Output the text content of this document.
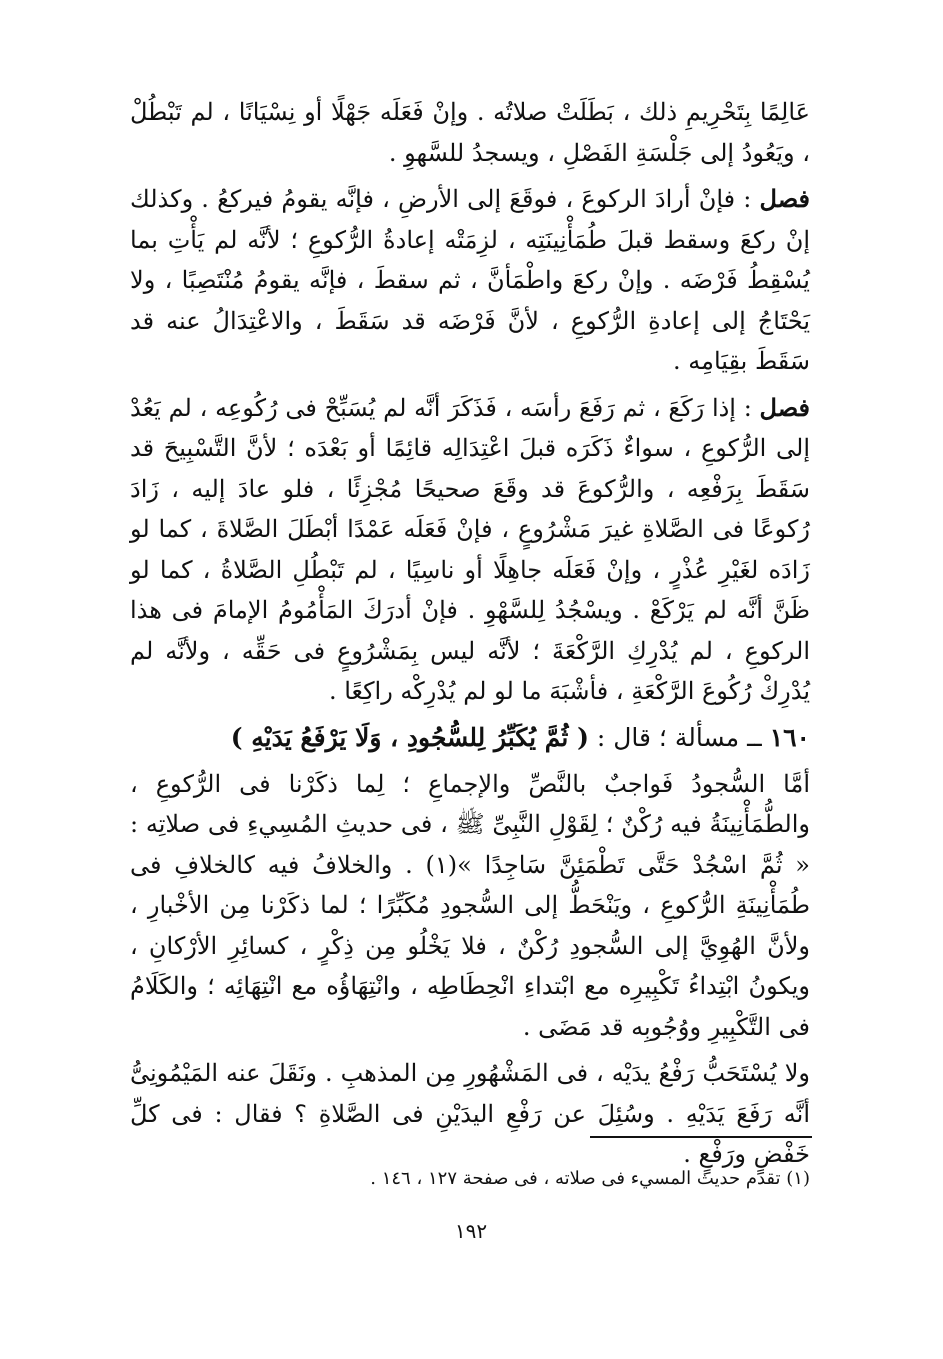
عَالِمًا بِتَحْرِيمِ ذلك ، بَطَلَتْ صلاتُه . وإنْ فَعَلَه جَهْلًا أو نِسْيَانًا ، لم تَبْطُلْ ، ويَعُودُ إلى جَلْسَةِ الفَصْلِ ، ويسجدُ للسَّهوِ .

فصل : فإنْ أرادَ الركوعَ ، فوقَعَ إلى الأرضِ ، فإنَّه يقومُ فيركعُ . وكذلك إنْ ركعَ وسقط قبلَ طُمَأْنِينَتِه ، لزِمَتْه إعادةُ الرُّكوعِ ؛ لأنَّه لم يَأْتِ بما يُسْقِطُ فَرْضَه . وإنْ ركعَ واطْمَأنَّ ، ثم سقطَ ، فإنَّه يقومُ مُنْتَصِبًا ، ولا يَحْتَاجُ إلى إعادةِ الرُّكوعِ ، لأنَّ فَرْضَه قد سَقَطَ ، والاعْتِدَالُ عنه قد سَقَطَ بقِيَامِه .

فصل : إذا رَكَعَ ، ثم رَفَعَ رأسَه ، فَذَكَرَ أنَّه لم يُسَبِّحْ فى رُكُوعِه ، لم يَعُدْ إلى الرُّكوعِ ، سواءٌ ذَكَرَه قبلَ اعْتِدَالِه قائِمًا أو بَعْدَه ؛ لأنَّ التَّسْبِيحَ قد سَقَطَ بِرَفْعِه ، والرُّكوعَ قد وقَعَ صحيحًا مُجْزِئًا ، فلو عادَ إليه ، زَادَ رُكوعًا فى الصَّلاةِ غيرَ مَشْرُوعٍ ، فإنْ فَعَلَه عَمْدًا أبْطَلَ الصَّلاةَ ، كما لو زَادَه لغَيْرِ عُذْرٍ ، وإنْ فَعَلَه جاهِلًا أو ناسِيًا ، لم تَبْطُلِ الصَّلاةُ ، كما لو ظَنَّ أنَّه لم يَرْكَعْ . ويسْجُدُ لِلسَّهْوِ . فإنْ أدرَكَ المَأْمُومُ الإمامَ فى هذا الركوعِ ، لم يُدْرِكِ الرَّكْعَةَ ؛ لأنَّه ليس بِمَشْرُوعٍ فى حَقِّه ، ولأنَّه لم يُدْرِكْ رُكُوعَ الرَّكْعَةِ ، فأشْبَهَ ما لو لم يُدْرِكْه راكِعًا .

١٦٠ ــ مسألة ؛ قال : ( ثُمَّ يُكَبِّرُ لِلسُّجُودِ ، وَلَا يَرْفَعُ يَدَيْهِ )

أمَّا السُّجودُ فَواجبٌ بالنَّصِّ والإجماعِ ؛ لِما ذكَرْنا فى الرُّكوعِ ، والطُّمَأْنِينَةُ فيه رُكْنٌ ؛ لِقَوْلِ النَّبِىِّ ﷺ ، فى حديثِ المُسِيءِ فى صلاتِه : « ثُمَّ اسْجُدْ حَتَّى تَطْمَئِنَّ سَاجِدًا »(١) . والخلافُ فيه كالخلافِ فى طُمَأْنِينَةِ الرُّكوعِ ، ويَنْحَطُّ إلى السُّجودِ مُكَبِّرًا ؛ لما ذكَرْنا مِن الأخْبارِ ، ولأنَّ الهُوِيَّ إلى السُّجودِ رُكْنٌ ، فلا يَخْلُو مِن ذِكْرٍ ، كسائِرِ الأرْكانِ ، ويكونُ ابْتِداءُ تَكْبِيرِه مع ابْتداءِ انْحِطَاطِه ، وانْتِهَاؤُه مع انْتِهَائِه ؛ والكَلَامُ فى التَّكْبِيرِ ووُجُوبِه قد مَضَى .

ولا يُسْتَحَبُّ رَفْعُ يدَيْه ، فى المَشْهُورِ مِن المذهبِ . ونَقَلَ عنه المَيْمُونِىُّ أنَّه رَفَعَ يَدَيْهِ . وسُئِلَ عن رَفْعِ اليدَيْنِ فى الصَّلاةِ ؟ فقال : فى كلِّ خَفْضٍ ورَفْعٍ .

(١) تقدم حديث المسيء فى صلاته ، فى صفحة ١٢٧ ، ١٤٦ .
١٩٢
